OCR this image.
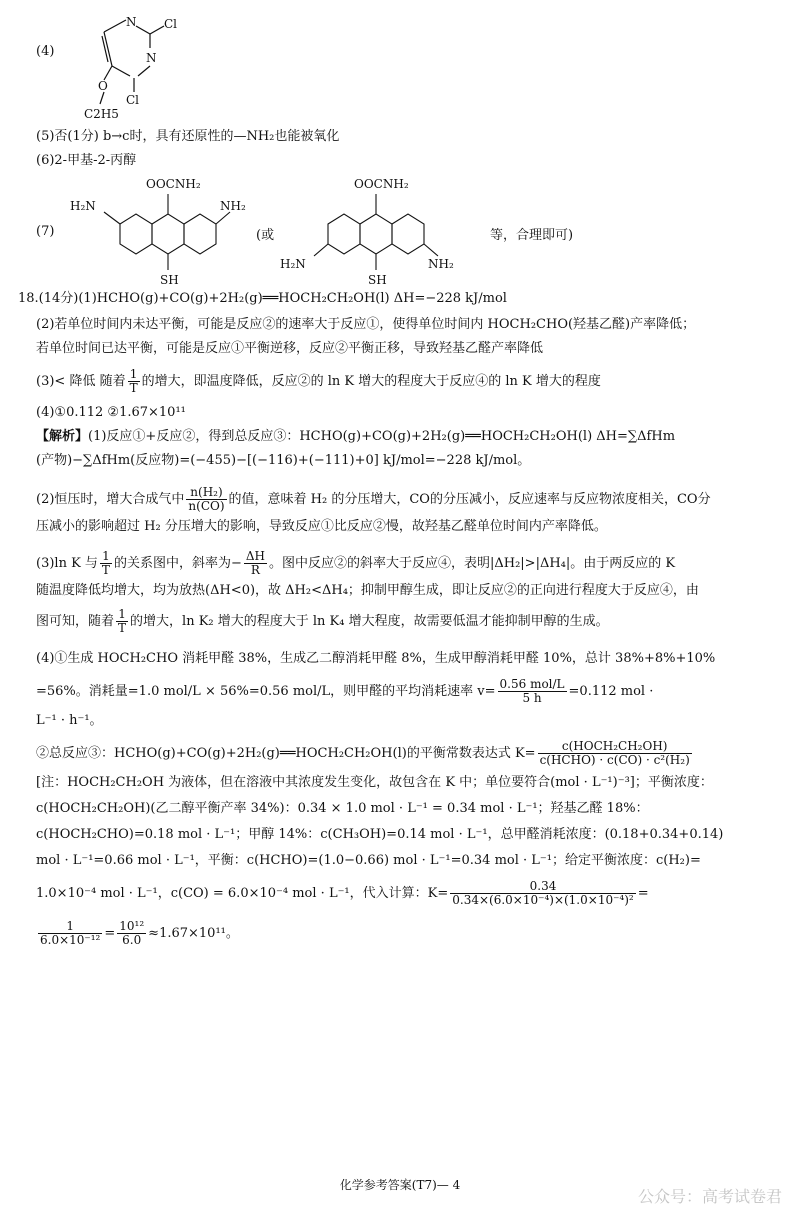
(4)
N Cl
N
Cl
O
C2H5
(5)否(1分) b→c时，具有还原性的—NH₂也能被氧化
(6)2-甲基-2-丙醇
(7)
OOCNH₂
H₂N	NH₂
SH
(或
OOCNH₂
H₂N	NH₂
SH
等，合理即可)
18.(14分)(1)HCHO(g)+CO(g)+2H₂(g)══HOCH₂CH₂OH(l) ΔH=−228 kJ/mol
(2)若单位时间内未达平衡，可能是反应②的速率大于反应①，使得单位时间内 HOCH₂CHO(羟基乙醛)产率降低；
若单位时间已达平衡，可能是反应①平衡逆移，反应②平衡正移，导致羟基乙醛产率降低
(3)< 降低 随着 $\frac{1}{T}$ 的增大，即温度降低，反应②的 ln K 增大的程度大于反应④的 ln K 增大的程度
(4)①0.112 ②1.67×10¹¹
【解析】(1)反应①+反应②，得到总反应③：HCHO(g)+CO(g)+2H₂(g)══HOCH₂CH₂OH(l) ΔH=∑ΔfHm
(产物)−∑ΔfHm(反应物)=(−455)−[(−116)+(−111)+0] kJ/mol=−228 kJ/mol。
(2)恒压时，增大合成气中 $\frac{\text{n(H₂)}}{n(CO)}$ 的值，意味着 H₂ 的分压增大，CO的分压减小，反应速率与反应物浓度相关，CO分
压减小的影响超过 H₂ 分压增大的影响，导致反应①比反应②慢，故羟基乙醛单位时间内产率降低。
(3)ln K 与 $\frac{1}{T}$ 的关系图中，斜率为− $\frac{\Delta H}{R}$ 。图中反应②的斜率大于反应④，表明|ΔH₂|>|ΔH₄|。由于两反应的 K
随温度降低均增大，均为放热(ΔH<0)，故 ΔH₂<ΔH₄；抑制甲醇生成，即让反应②的正向进行程度大于反应④，由
图可知，随着 $\frac{1}{T}$ 的增大，ln K₂ 增大的程度大于 ln K₄ 增大程度，故需要低温才能抑制甲醇的生成。
(4)①生成 HOCH₂CHO 消耗甲醛 38%，生成乙二醇消耗甲醛 8%，生成甲醇消耗甲醛 10%，总计 38%+8%+10%
=56%。消耗量=1.0 mol/L × 56%=0.56 mol/L，则甲醛的平均消耗速率 $v= \frac{\text{0.56 mol/L}}{5 h} =0.112$ mol ·
L⁻¹ · h⁻¹。
②总反应③：HCHO(g)+CO(g)+2H₂(g)══HOCH₂CH₂OH(l)的平衡常数表达式 $K= \frac{\text{c(HOCH₂CH₂OH)}}{\text{c(HCHO) · c(CO) · c²(H₂)}}$
[注：HOCH₂CH₂OH 为液体，但在溶液中其浓度发生变化，故包含在 K 中；单位要符合(mol · L⁻¹)⁻³]；平衡浓度：
c(HOCH₂CH₂OH)(乙二醇平衡产率 34%)：0.34 × 1.0 mol · L⁻¹ = 0.34 mol · L⁻¹；羟基乙醛 18%：
c(HOCH₂CHO)=0.18 mol · L⁻¹；甲醇 14%：c(CH₃OH)=0.14 mol · L⁻¹，总甲醛消耗浓度：(0.18+0.34+0.14)
mol · L⁻¹=0.66 mol · L⁻¹，平衡：c(HCHO)=(1.0−0.66) mol · L⁻¹=0.34 mol · L⁻¹；给定平衡浓度：c(H₂)=
1.0×10⁻⁴ mol · L⁻¹，c(CO) = 6.0×10⁻⁴ mol · L⁻¹，代入计算：$K= \frac{0.34}{\text{0.34×(6.0×10⁻⁴)×(1.0×10⁻⁴)²}}$ =
$\frac{1}{\text{6.0×10⁻¹²}} = \frac{\text{10¹²}}{6.0} \approx 1.67\times 10^{11}$。
化学参考答案(T7)— 4
公众号：高考试卷君
